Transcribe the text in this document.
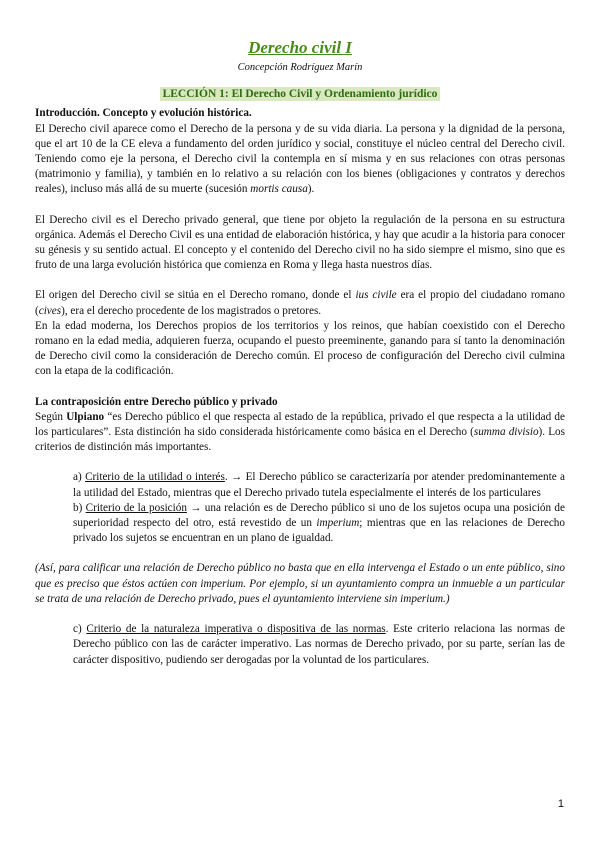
Derecho civil I
Concepción Rodríguez Marín
LECCIÓN 1: El Derecho Civil y Ordenamiento jurídico
Introducción. Concepto y evolución histórica.

El Derecho civil aparece como el Derecho de la persona y de su vida diaria. La persona y la dignidad de la persona, que el art 10 de la CE eleva a fundamento del orden jurídico y social, constituye el núcleo central del Derecho civil. Teniendo como eje la persona, el Derecho civil la contempla en sí misma y en sus relaciones con otras personas (matrimonio y familia), y también en lo relativo a su relación con los bienes (obligaciones y contratos y derechos reales), incluso más allá de su muerte (sucesión mortis causa).

El Derecho civil es el Derecho privado general, que tiene por objeto la regulación de la persona en su estructura orgánica. Además el Derecho Civil es una entidad de elaboración histórica, y hay que acudir a la historia para conocer su génesis y su sentido actual. El concepto y el contenido del Derecho civil no ha sido siempre el mismo, sino que es fruto de una larga evolución histórica que comienza en Roma y llega hasta nuestros días.

El origen del Derecho civil se sitúa en el Derecho romano, donde el ius civile era el propio del ciudadano romano (cives), era el derecho procedente de los magistrados o pretores.

En la edad moderna, los Derechos propios de los territorios y los reinos, que habían coexistido con el Derecho romano en la edad media, adquieren fuerza, ocupando el puesto preeminente, ganando para sí tanto la denominación de Derecho civil como la consideración de Derecho común. El proceso de configuración del Derecho civil culmina con la etapa de la codificación.

La contraposición entre Derecho público y privado

Según Ulpiano “es Derecho público el que respecta al estado de la república, privado el que respecta a la utilidad de los particulares”. Esta distinción ha sido considerada históricamente como básica en el Derecho (summa divisio). Los criterios de distinción más importantes.

a) Criterio de la utilidad o interés. → El Derecho público se caracterizaría por atender predominantemente a la utilidad del Estado, mientras que el Derecho privado tutela especialmente el interés de los particulares

b) Criterio de la posición → una relación es de Derecho público si uno de los sujetos ocupa una posición de superioridad respecto del otro, está revestido de un imperium; mientras que en las relaciones de Derecho privado los sujetos se encuentran en un plano de igualdad.

(Así, para calificar una relación de Derecho público no basta que en ella intervenga el Estado o un ente público, sino que es preciso que éstos actúen con imperium. Por ejemplo, si un ayuntamiento compra un inmueble a un particular se trata de una relación de Derecho privado, pues el ayuntamiento interviene sin imperium.)

c) Criterio de la naturaleza imperativa o dispositiva de las normas. Este criterio relaciona las normas de Derecho público con las de carácter imperativo. Las normas de Derecho privado, por su parte, serían las de carácter dispositivo, pudiendo ser derogadas por la voluntad de los particulares.

1
